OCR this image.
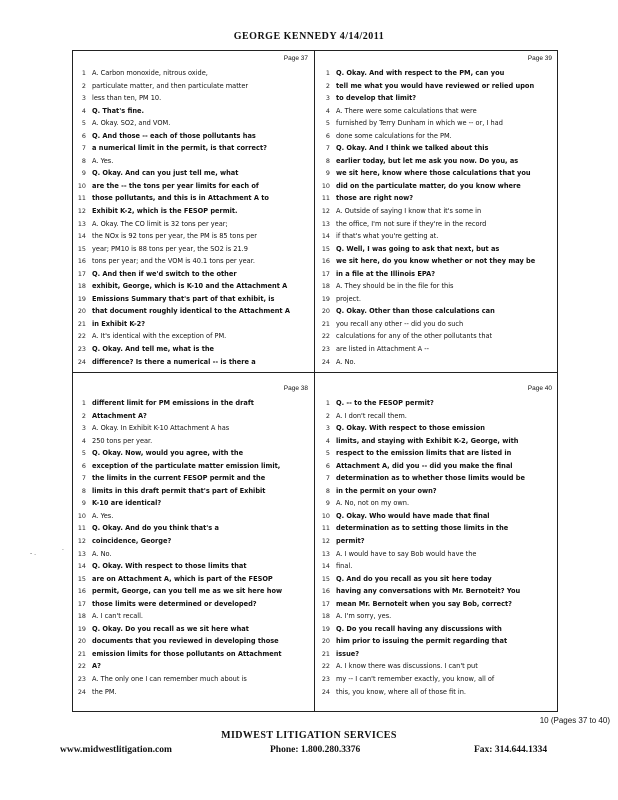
GEORGE KENNEDY 4/14/2011
Page 37
1 A. Carbon monoxide, nitrous oxide,
2 particulate matter, and then particulate matter
3 less than ten, PM 10.
4 Q. That's fine.
5 A. Okay. SO2, and VOM.
6 Q. And those -- each of those pollutants has
7 a numerical limit in the permit, is that correct?
8 A. Yes.
9 Q. Okay. And can you just tell me, what
10 are the -- the tons per year limits for each of
11 those pollutants, and this is in Attachment A to
12 Exhibit K-2, which is the FESOP permit.
13 A. Okay. The CO limit is 32 tons per year;
14 the NOx is 92 tons per year, the PM is 85 tons per
15 year; PM10 is 88 tons per year, the SO2 is 21.9
16 tons per year; and the VOM is 40.1 tons per year.
17 Q. And then if we'd switch to the other
18 exhibit, George, which is K-10 and the Attachment A
19 Emissions Summary that's part of that exhibit, is
20 that document roughly identical to the Attachment A
21 in Exhibit K-2?
22 A. It's identical with the exception of PM.
23 Q. Okay. And tell me, what is the
24 difference? Is there a numerical -- is there a
Page 39
1 Q. Okay. And with respect to the PM, can you
2 tell me what you would have reviewed or relied upon
3 to develop that limit?
4 A. There were some calculations that were
5 furnished by Terry Dunham in which we -- or, I had
6 done some calculations for the PM.
7 Q. Okay. And I think we talked about this
8 earlier today, but let me ask you now. Do you, as
9 we sit here, know where those calculations that you
10 did on the particulate matter, do you know where
11 those are right now?
12 A. Outside of saying I know that it's some in
13 the office, I'm not sure if they're in the record
14 if that's what you're getting at.
15 Q. Well, I was going to ask that next, but as
16 we sit here, do you know whether or not they may be
17 in a file at the Illinois EPA?
18 A. They should be in the file for this
19 project.
20 Q. Okay. Other than those calculations can
21 you recall any other -- did you do such
22 calculations for any of the other pollutants that
23 are listed in Attachment A --
24 A. No.
Page 38
1 different limit for PM emissions in the draft
2 Attachment A?
3 A. Okay. In Exhibit K-10 Attachment A has
4 250 tons per year.
5 Q. Okay. Now, would you agree, with the
6 exception of the particulate matter emission limit,
7 the limits in the current FESOP permit and the
8 limits in this draft permit that's part of Exhibit
9 K-10 are identical?
10 A. Yes.
11 Q. Okay. And do you think that's a
12 coincidence, George?
13 A. No.
14 Q. Okay. With respect to those limits that
15 are on Attachment A, which is part of the FESOP
16 permit, George, can you tell me as we sit here how
17 those limits were determined or developed?
18 A. I can't recall.
19 Q. Okay. Do you recall as we sit here what
20 documents that you reviewed in developing those
21 emission limits for those pollutants on Attachment
22 A?
23 A. The only one I can remember much about is
24 the PM.
Page 40
1 Q. -- to the FESOP permit?
2 A. I don't recall them.
3 Q. Okay. With respect to those emission
4 limits, and staying with Exhibit K-2, George, with
5 respect to the emission limits that are listed in
6 Attachment A, did you -- did you make the final
7 determination as to whether those limits would be
8 in the permit on your own?
9 A. No, not on my own.
10 Q. Okay. Who would have made that final
11 determination as to setting those limits in the
12 permit?
13 A. I would have to say Bob would have the
14 final.
15 Q. And do you recall as you sit here today
16 having any conversations with Mr. Bernoteit? You
17 mean Mr. Bernoteit when you say Bob, correct?
18 A. I'm sorry, yes.
19 Q. Do you recall having any discussions with
20 him prior to issuing the permit regarding that
21 issue?
22 A. I know there was discussions. I can't put
23 my -- I can't remember exactly, you know, all of
24 this, you know, where all of those fit in.
.
- .
10 (Pages 37 to 40)
MIDWEST LITIGATION SERVICES
www.midwestlitigation.com	Phone: 1.800.280.3376	Fax: 314.644.1334
